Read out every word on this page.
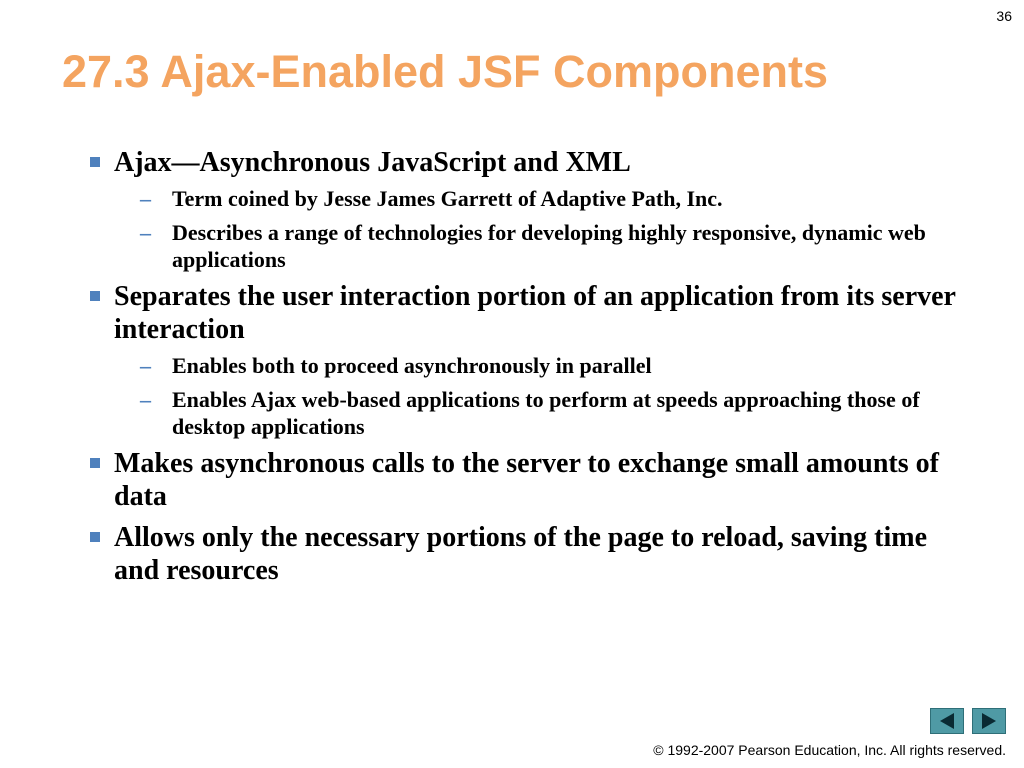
36
27.3 Ajax-Enabled JSF Components
Ajax—Asynchronous JavaScript and XML
– Term coined by Jesse James Garrett of Adaptive Path, Inc.
– Describes a range of technologies for developing highly responsive, dynamic web applications
Separates the user interaction portion of an application from its server interaction
– Enables both to proceed asynchronously in parallel
– Enables Ajax web-based applications to perform at speeds approaching those of desktop applications
Makes asynchronous calls to the server to exchange small amounts of data
Allows only the necessary portions of the page to reload, saving time and resources
© 1992-2007 Pearson Education, Inc. All rights reserved.
